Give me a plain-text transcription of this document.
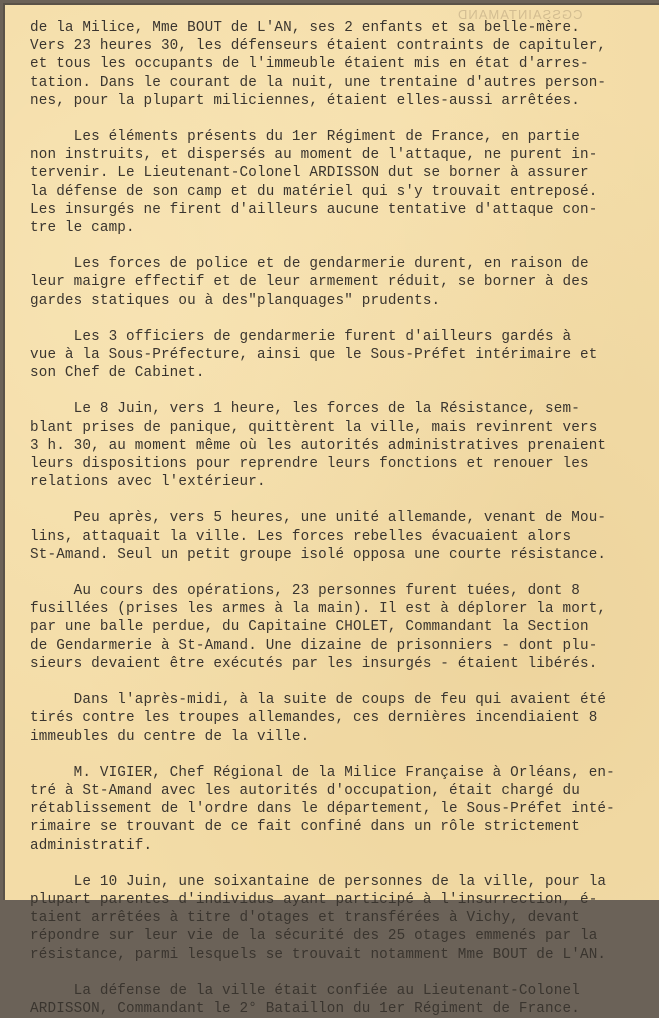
CGSSAINTAMAND
de la Milice, Mme BOUT de L'AN, ses 2 enfants et sa belle-mère.
Vers 23 heures 30, les défenseurs étaient contraints de capituler,
et tous les occupants de l'immeuble étaient mis en état d'arres-
tation. Dans le courant de la nuit, une trentaine d'autres person-
nes, pour la plupart miliciennes, étaient elles-aussi arrêtées.
Les éléments présents du 1er Régiment de France, en partie
non instruits, et dispersés au moment de l'attaque, ne purent in-
tervenir. Le Lieutenant-Colonel ARDISSON dut se borner à assurer
la défense de son camp et du matériel qui s'y trouvait entreposé.
Les insurgés ne firent d'ailleurs aucune tentative d'attaque con-
tre le camp.
Les forces de police et de gendarmerie durent, en raison de
leur maigre effectif et de leur armement réduit, se borner à des
gardes statiques ou à des"planquages" prudents.
Les 3 officiers de gendarmerie furent d'ailleurs gardés à
vue à la Sous-Préfecture, ainsi que le Sous-Préfet intérimaire et
son Chef de Cabinet.
Le 8 Juin, vers 1 heure, les forces de la Résistance, sem-
blant prises de panique, quittèrent la ville, mais revinrent vers
3 h. 30, au moment même où les autorités administratives prenaient
leurs dispositions pour reprendre leurs fonctions et renouer les
relations avec l'extérieur.
Peu après, vers 5 heures, une unité allemande, venant de Mou-
lins, attaquait la ville. Les forces rebelles évacuaient alors
St-Amand. Seul un petit groupe isolé opposa une courte résistance.
Au cours des opérations, 23 personnes furent tuées, dont 8
fusillées (prises les armes à la main). Il est à déplorer la mort,
par une balle perdue, du Capitaine CHOLET, Commandant la Section
de Gendarmerie à St-Amand. Une dizaine de prisonniers - dont plu-
sieurs devaient être exécutés par les insurgés - étaient libérés.
Dans l'après-midi, à la suite de coups de feu qui avaient été
tirés contre les troupes allemandes, ces dernières incendiaient 8
immeubles du centre de la ville.
M. VIGIER, Chef Régional de la Milice Française à Orléans, en-
tré à St-Amand avec les autorités d'occupation, était chargé du
rétablissement de l'ordre dans le département, le Sous-Préfet inté-
rimaire se trouvant de ce fait confiné dans un rôle strictement
administratif.
Le 10 Juin, une soixantaine de personnes de la ville, pour la
plupart parentes d'individus ayant participé à l'insurrection, é-
taient arrêtées à titre d'otages et transférées à Vichy, devant
répondre sur leur vie de la sécurité des 25 otages emmenés par la
résistance, parmi lesquels se trouvait notamment Mme BOUT de L'AN.
La défense de la ville était confiée au Lieutenant-Colonel
ARDISSON, Commandant le 2° Bataillon du 1er Régiment de France.
